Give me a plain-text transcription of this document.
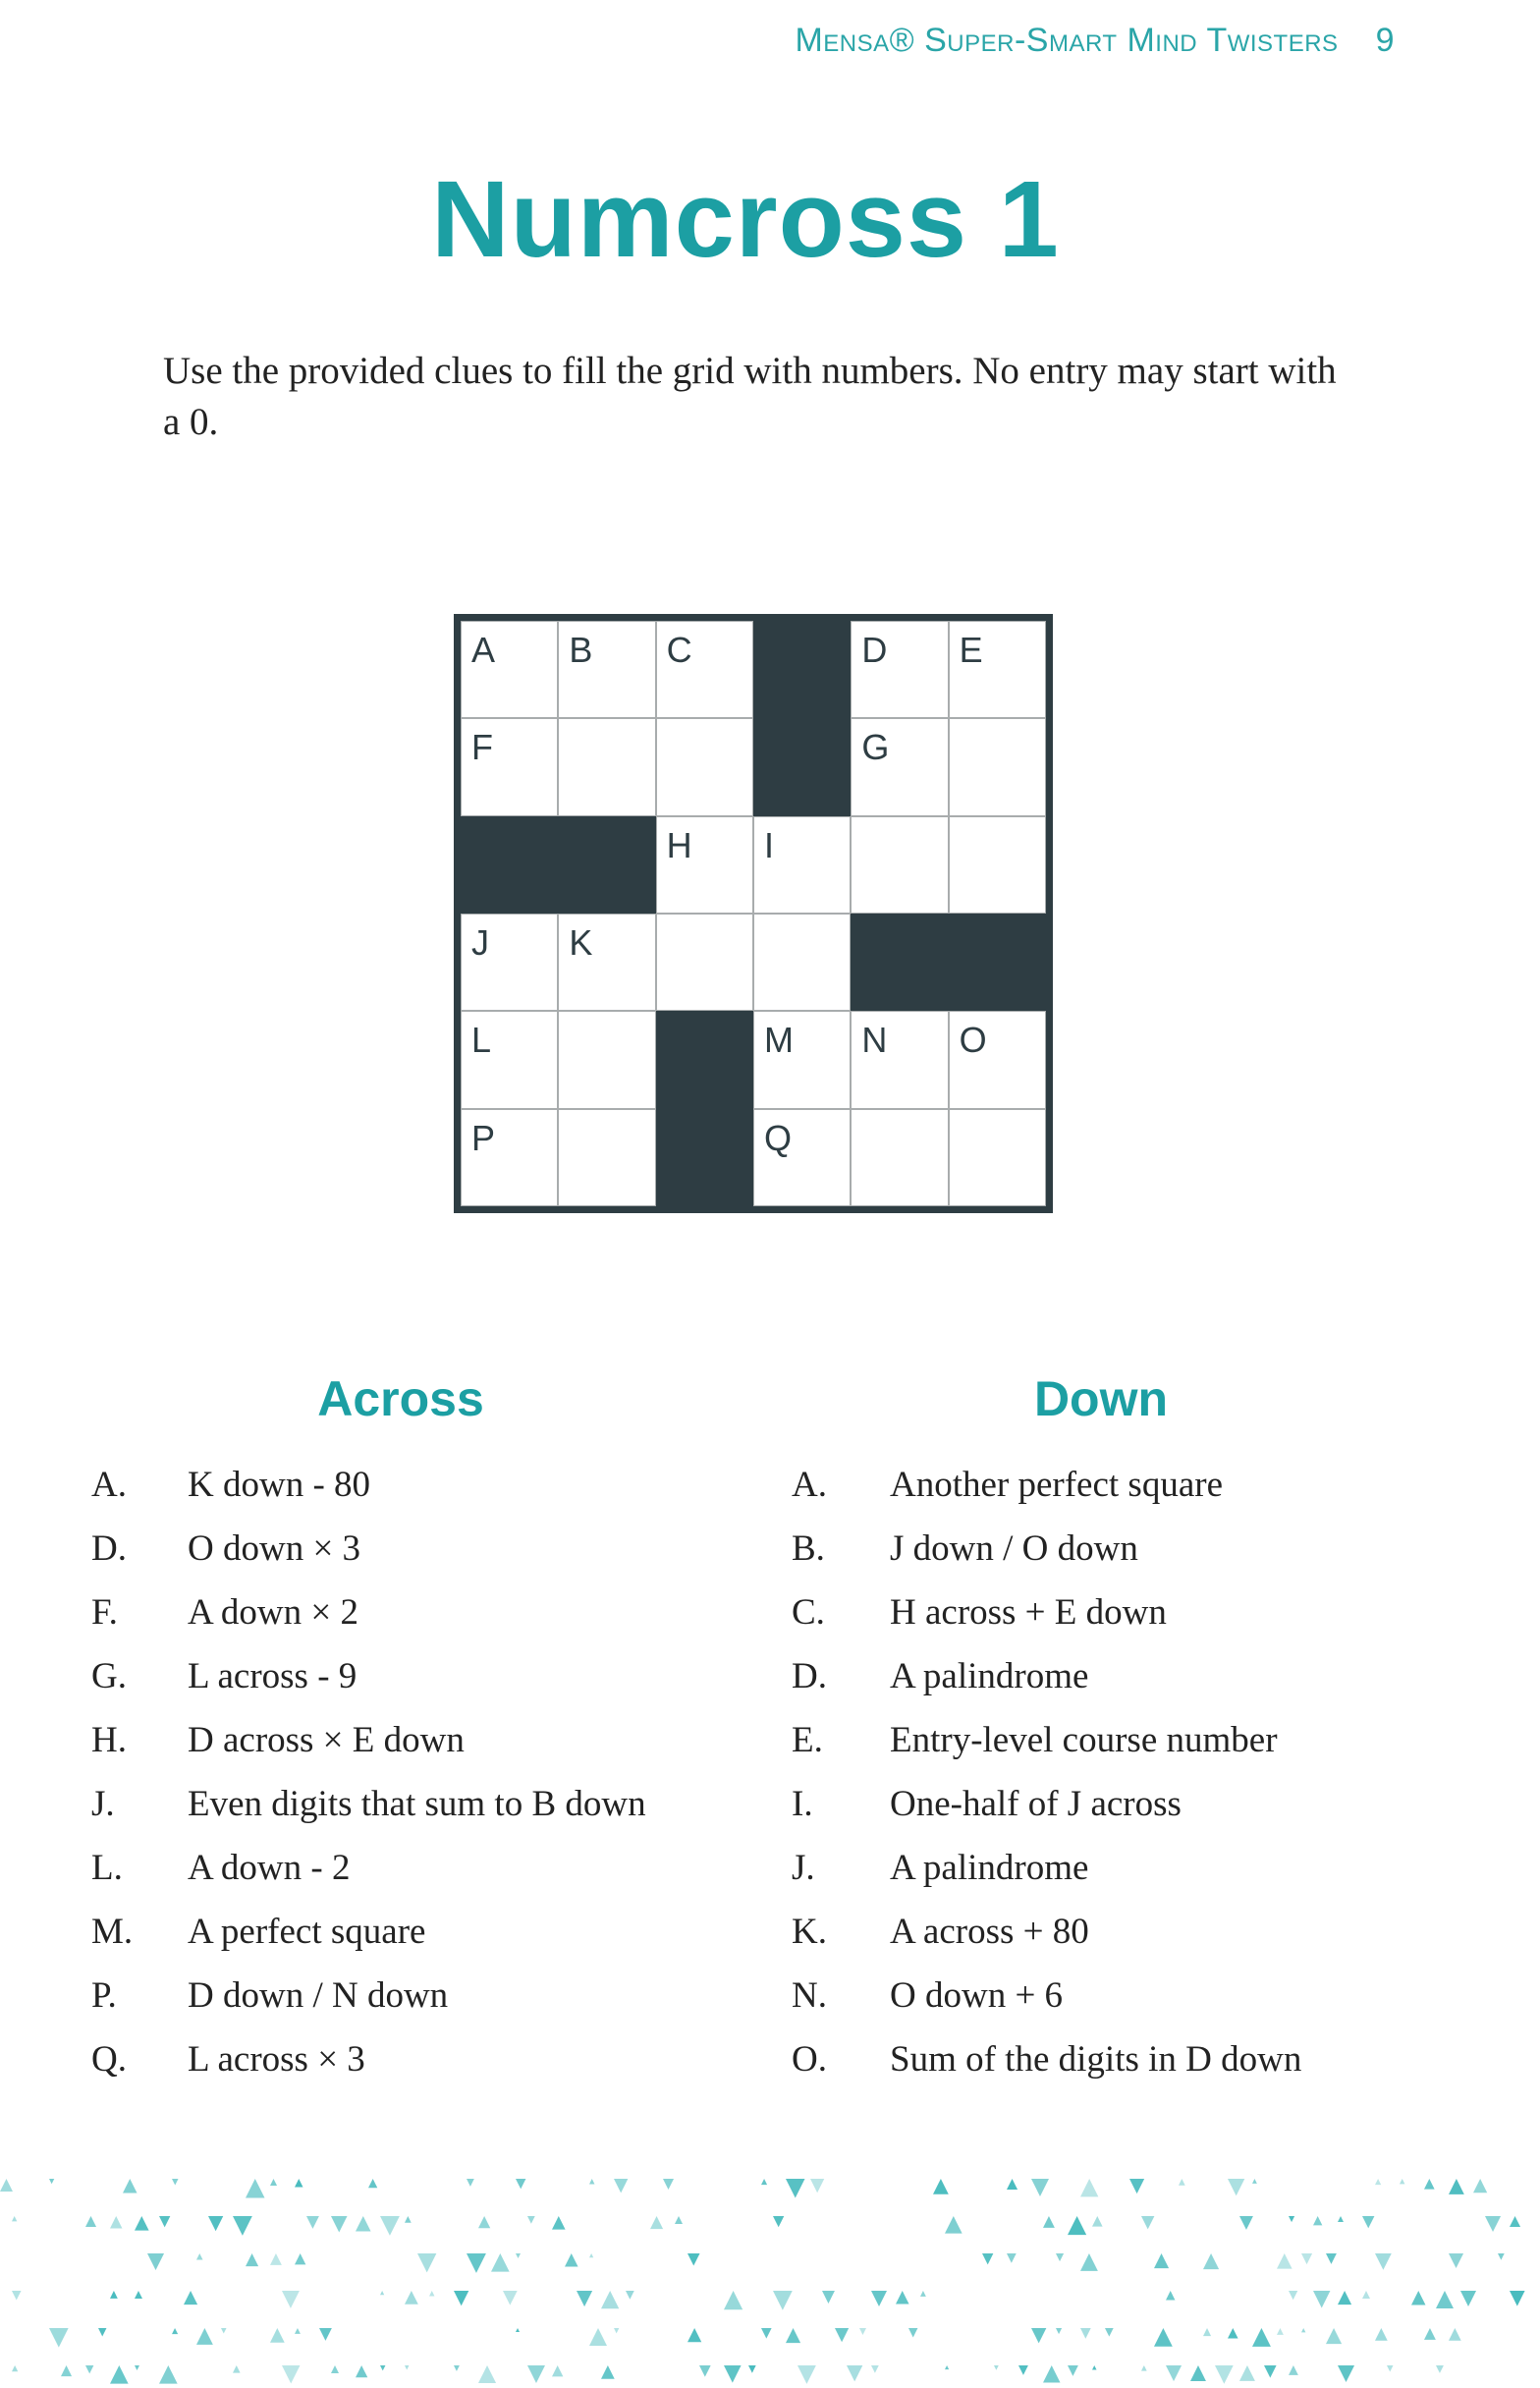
Mensa® Super-Smart Mind Twisters 9
Numcross 1
Use the provided clues to fill the grid with numbers. No entry may start with a 0.
A B C	D E
F	G
H I
J K
L	M N O
P	Q
Across	Down
A. K down - 80
D. O down × 3
F. A down × 2
G. L across - 9
H. D across × E down
J. Even digits that sum to B down
L. A down - 2
M. A perfect square
P. D down / N down
Q. L across × 3
A. Another perfect square
B. J down / O down
C. H across + E down
D. A palindrome
E. Entry-level course number
I. One-half of J across
J. A palindrome
K. A across + 80
N. O down + 6
O. Sum of the digits in D down
